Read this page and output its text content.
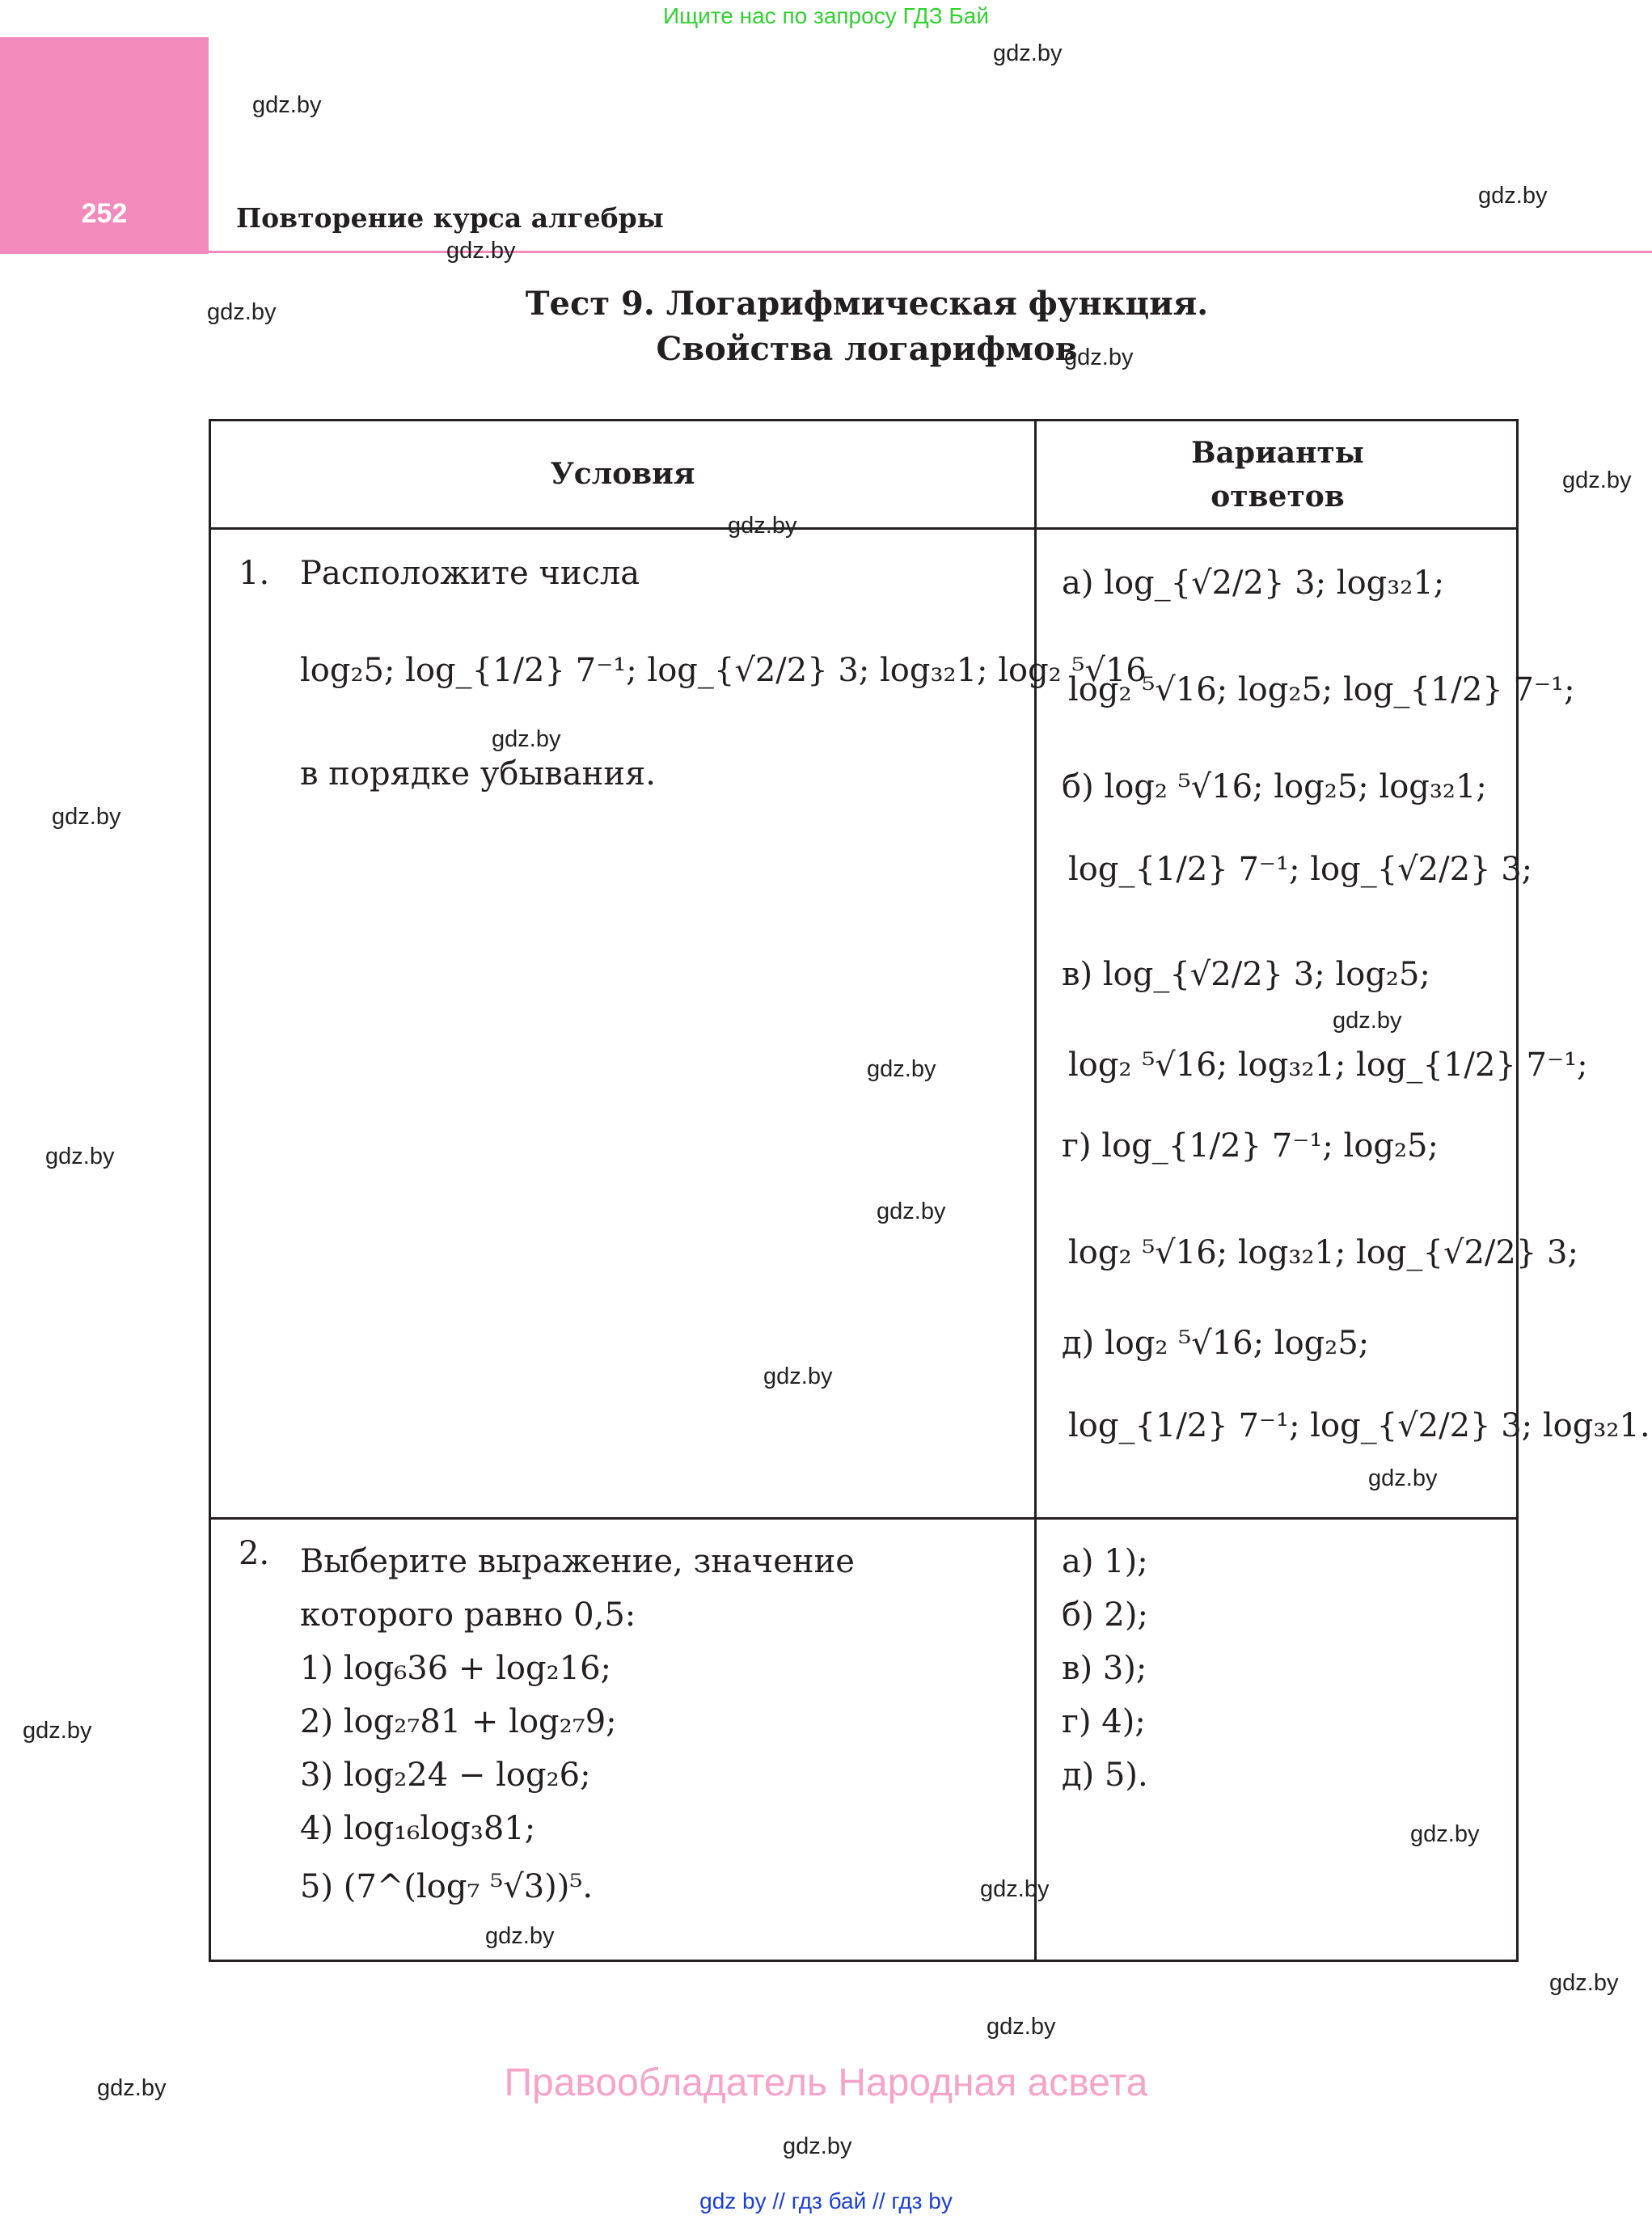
Ищите нас по запросу ГДЗ Бай
252	Повторение курса алгебры
Тест 9. Логарифмическая функция.
Свойства логарифмов
Условия
Варианты
ответов
1. Расположите числа
log₂5; log_{1/2} 7⁻¹; log_{√2/2} 3; log₃₂1; log₂ ⁵√16
в порядке убывания.
а) log_{√2/2} 3; log₃₂1;
log₂ ⁵√16; log₂5; log_{1/2} 7⁻¹;
б) log₂ ⁵√16; log₂5; log₃₂1;
log_{1/2} 7⁻¹; log_{√2/2} 3;
в) log_{√2/2} 3; log₂5;
log₂ ⁵√16; log₃₂1; log_{1/2} 7⁻¹;
г) log_{1/2} 7⁻¹; log₂5;
log₂ ⁵√16; log₃₂1; log_{√2/2} 3;
д) log₂ ⁵√16; log₂5;
log_{1/2} 7⁻¹; log_{√2/2} 3; log₃₂1.
2. Выберите выражение, значение
которого равно 0,5:
1) log₆36 + log₂16;
2) log₂₇81 + log₂₇9;
3) log₂24 − log₂6;
4) log₁₆log₃81;
5) (7^(log₇ ⁵√3))⁵.
а) 1);
б) 2);
в) 3);
г) 4);
д) 5).
gdz.by
gdz.by
gdz.by
gdz.by
gdz.by
gdz.by
gdz.by
gdz.by
gdz.by
gdz.by
gdz.by
gdz.by
gdz.by
gdz.by
gdz.by
gdz.by
gdz.by
gdz.by
gdz.by
gdz.by
gdz.by
gdz.by
gdz.by	Правообладатель Народная асвета
gdz.by
gdz by // гдз бай // гдз by
